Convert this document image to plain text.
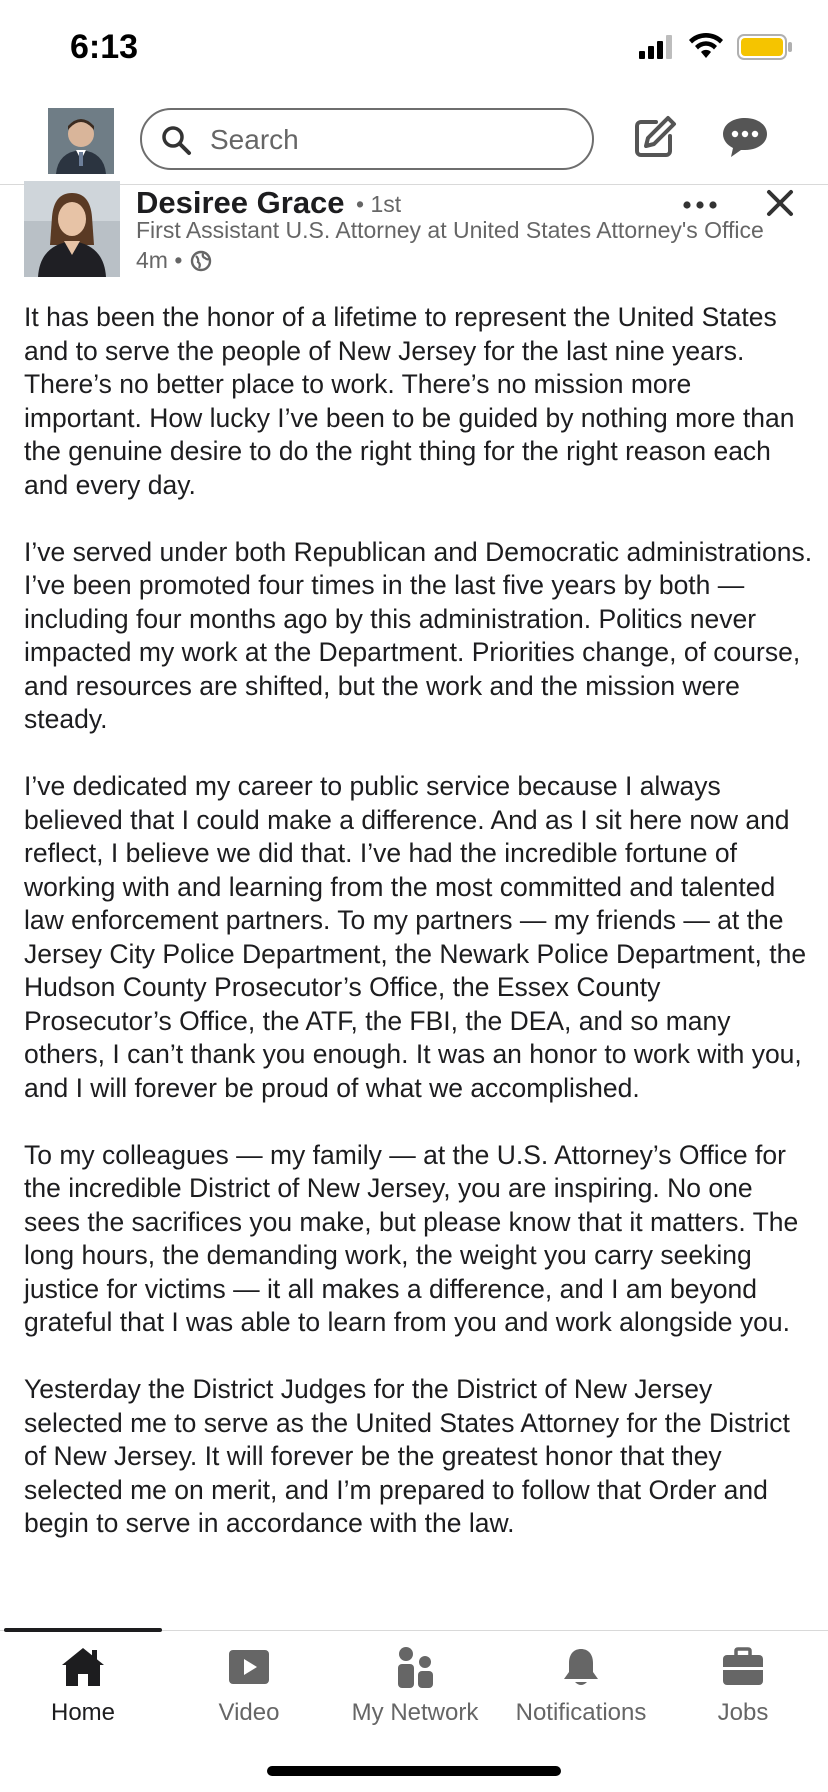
6:13
Search
Desiree Grace • 1st
First Assistant U.S. Attorney at United States Attorney's Office
4m •

It has been the honor of a lifetime to represent the United States and to serve the people of New Jersey for the last nine years. There’s no better place to work. There’s no mission more important. How lucky I’ve been to be guided by nothing more than the genuine desire to do the right thing for the right reason each and every day.

I’ve served under both Republican and Democratic administrations. I’ve been promoted four times in the last five years by both — including four months ago by this administration. Politics never impacted my work at the Department. Priorities change, of course, and resources are shifted, but the work and the mission were steady.

I’ve dedicated my career to public service because I always believed that I could make a difference. And as I sit here now and reflect, I believe we did that. I’ve had the incredible fortune of working with and learning from the most committed and talented law enforcement partners. To my partners — my friends — at the Jersey City Police Department, the Newark Police Department, the Hudson County Prosecutor’s Office, the Essex County Prosecutor’s Office, the ATF, the FBI, the DEA, and so many others, I can’t thank you enough. It was an honor to work with you, and I will forever be proud of what we accomplished.

To my colleagues — my family — at the U.S. Attorney’s Office for the incredible District of New Jersey, you are inspiring. No one sees the sacrifices you make, but please know that it matters. The long hours, the demanding work, the weight you carry seeking justice for victims — it all makes a difference, and I am beyond grateful that I was able to learn from you and work alongside you.

Yesterday the District Judges for the District of New Jersey selected me to serve as the United States Attorney for the District of New Jersey. It will forever be the greatest honor that they selected me on merit, and I’m prepared to follow that Order and begin to serve in accordance with the law.

Home	Video	My Network	Notifications	Jobs
